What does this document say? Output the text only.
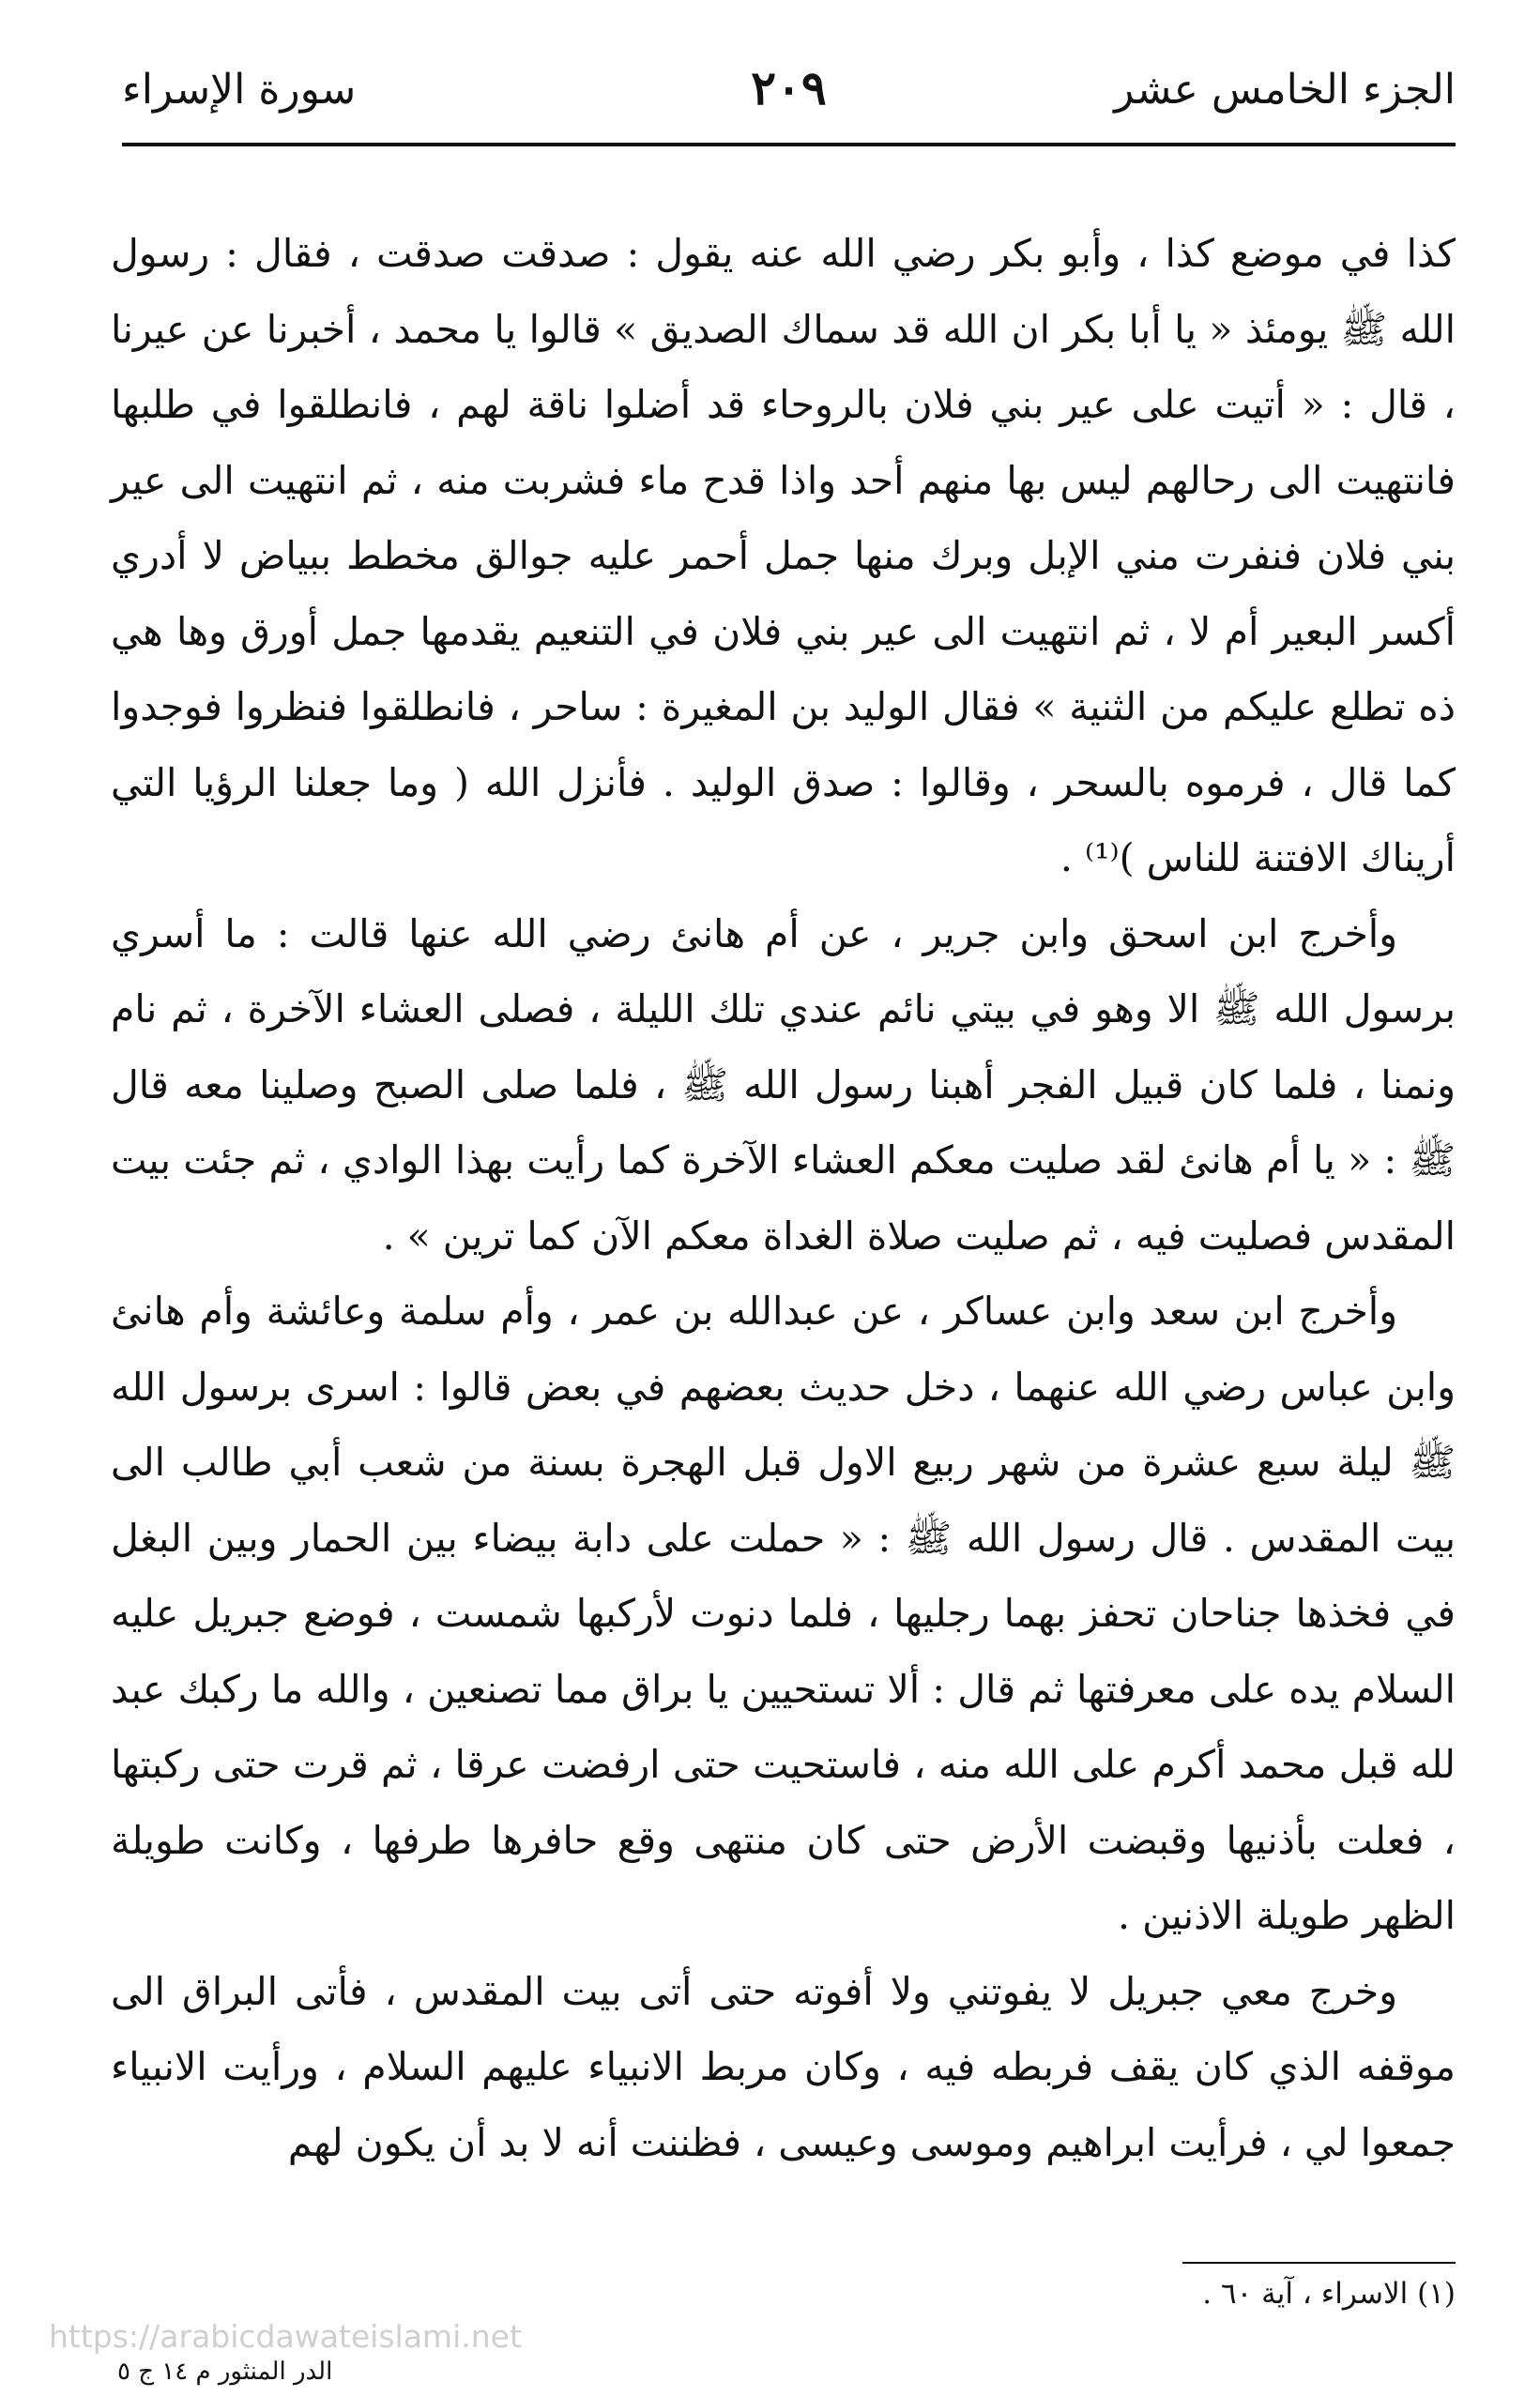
الجزء الخامس عشر
٢٠٩
سورة الإسراء

كذا في موضع كذا ، وأبو بكر رضي الله عنه يقول : صدقت صدقت ، فقال : رسول الله ﷺ يومئذ « يا أبا بكر ان الله قد سماك الصديق » قالوا يا محمد ، أخبرنا عن عيرنا ، قال : « أتيت على عير بني فلان بالروحاء قد أضلوا ناقة لهم ، فانطلقوا في طلبها فانتهيت الى رحالهم ليس بها منهم أحد واذا قدح ماء فشربت منه ، ثم انتهيت الى عير بني فلان فنفرت مني الإبل وبرك منها جمل أحمر عليه جوالق مخطط ببياض لا أدري أكسر البعير أم لا ، ثم انتهيت الى عير بني فلان في التنعيم يقدمها جمل أورق وها هي ذه تطلع عليكم من الثنية » فقال الوليد بن المغيرة : ساحر ، فانطلقوا فنظروا فوجدوا كما قال ، فرموه بالسحر ، وقالوا : صدق الوليد . فأنزل الله ( وما جعلنا الرؤيا التي أريناك الافتنة للناس )⁽¹⁾ .

وأخرج ابن اسحق وابن جرير ، عن أم هانئ رضي الله عنها قالت : ما أسري برسول الله ﷺ الا وهو في بيتي نائم عندي تلك الليلة ، فصلى العشاء الآخرة ، ثم نام ونمنا ، فلما كان قبيل الفجر أهبنا رسول الله ﷺ ، فلما صلى الصبح وصلينا معه قال ﷺ : « يا أم هانئ لقد صليت معكم العشاء الآخرة كما رأيت بهذا الوادي ، ثم جئت بيت المقدس فصليت فيه ، ثم صليت صلاة الغداة معكم الآن كما ترين » .

وأخرج ابن سعد وابن عساكر ، عن عبدالله بن عمر ، وأم سلمة وعائشة وأم هانئ وابن عباس رضي الله عنهما ، دخل حديث بعضهم في بعض قالوا : اسرى برسول الله ﷺ ليلة سبع عشرة من شهر ربيع الاول قبل الهجرة بسنة من شعب أبي طالب الى بيت المقدس . قال رسول الله ﷺ : « حملت على دابة بيضاء بين الحمار وبين البغل في فخذها جناحان تحفز بهما رجليها ، فلما دنوت لأركبها شمست ، فوضع جبريل عليه السلام يده على معرفتها ثم قال : ألا تستحيين يا براق مما تصنعين ، والله ما ركبك عبد لله قبل محمد أكرم على الله منه ، فاستحيت حتى ارفضت عرقا ، ثم قرت حتى ركبتها ، فعلت بأذنيها وقبضت الأرض حتى كان منتهى وقع حافرها طرفها ، وكانت طويلة الظهر طويلة الاذنين .

وخرج معي جبريل لا يفوتني ولا أفوته حتى أتى بيت المقدس ، فأتى البراق الى موقفه الذي كان يقف فربطه فيه ، وكان مربط الانبياء عليهم السلام ، ورأيت الانبياء جمعوا لي ، فرأيت ابراهيم وموسى وعيسى ، فظننت أنه لا بد أن يكون لهم

(١) الاسراء ، آية ٦٠ .
https://arabicdawateislami.net
الدر المنثور م ١٤ ج ٥
